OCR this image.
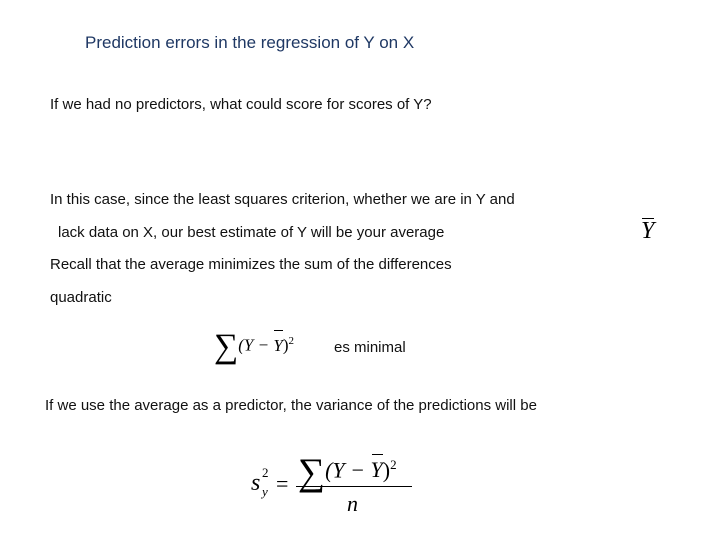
Prediction errors in the regression of Y on X
If we had no predictors, what could score for scores of Y?
In this case, since the least squares criterion, whether we are in Y and
lack data on X, our best estimate of Y will be your average	Y
Recall that the average minimizes the sum of the differences
quadratic
$\sum(Y - Y)^2$	es minimal
If we use the average as a predictor, the variance of the predictions will be
s 2
$y = \sum(Y - Y)^2$
n
